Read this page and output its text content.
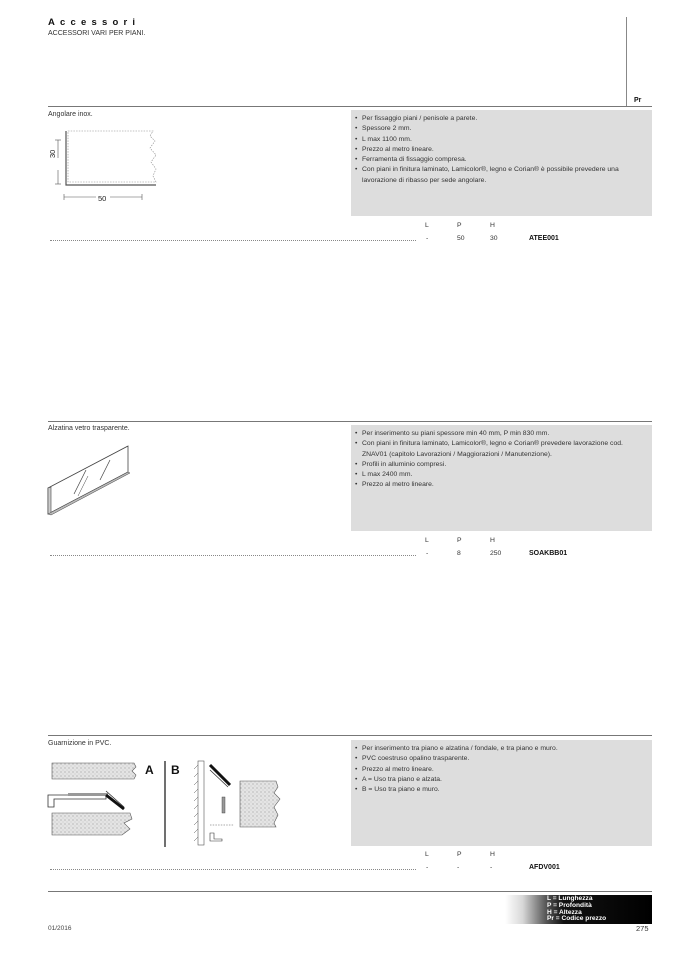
Accessori
ACCESSORI VARI PER PIANI.
Pr
Angolare inox.
30
50
• Per fissaggio piani / penisole a parete.
• Spessore 2 mm.
• L max 1100 mm.
• Prezzo al metro lineare.
• Ferramenta di fissaggio compresa.
• Con piani in finitura laminato, Lamicolor®, legno e Corian® è possibile prevedere una lavorazione di ribasso per sede angolare.
L	P	H
-	50	30	ATEE001
Alzatina vetro trasparente.
• Per inserimento su piani spessore min 40 mm, P min 830 mm.
• Con piani in finitura laminato, Lamicolor®, legno e Corian® prevedere lavorazione cod. ZNAV01 (capitolo Lavorazioni / Maggiorazioni / Manutenzione).
• Profili in alluminio compresi.
• L max 2400 mm.
• Prezzo al metro lineare.
L	P	H
-	8	250	SOAKBB01
Guarnizione in PVC.
A B
• Per inserimento tra piano e alzatina / fondale, e tra piano e muro.
• PVC coestruso opalino trasparente.
• Prezzo al metro lineare.
• A = Uso tra piano e alzata.
• B = Uso tra piano e muro.
L	P	H
-	-	-	AFDV001
L = Lunghezza
P = Profondità
H = Altezza
Pr = Codice prezzo
01/2016	275
